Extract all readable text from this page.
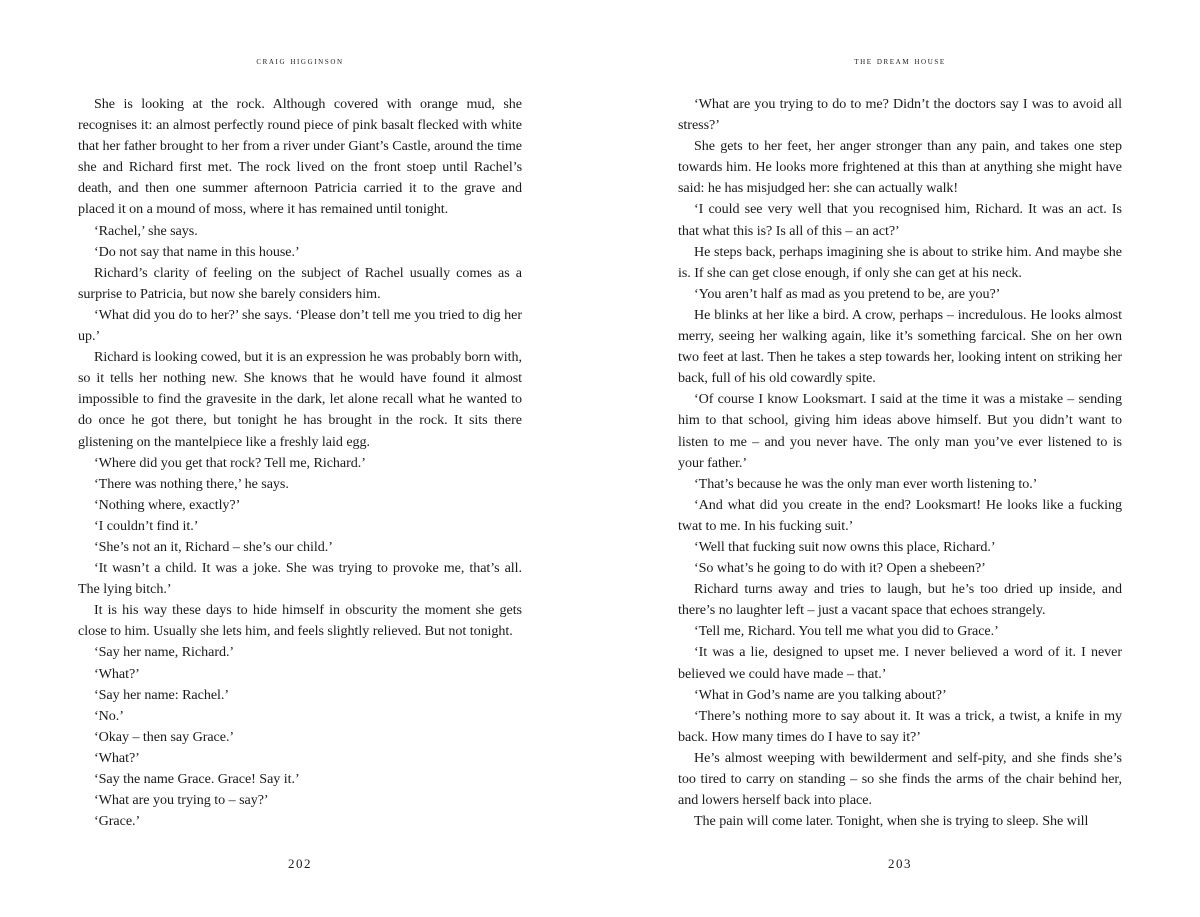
craig higginson

She is looking at the rock. Although covered with orange mud, she recognises it: an almost perfectly round piece of pink basalt flecked with white that her father brought to her from a river under Giant’s Castle, around the time she and Richard first met. The rock lived on the front stoep until Rachel’s death, and then one summer afternoon Patricia carried it to the grave and placed it on a mound of moss, where it has remained until tonight.

‘Rachel,’ she says.

‘Do not say that name in this house.’

Richard’s clarity of feeling on the subject of Rachel usually comes as a surprise to Patricia, but now she barely considers him.

‘What did you do to her?’ she says. ‘Please don’t tell me you tried to dig her up.’

Richard is looking cowed, but it is an expression he was probably born with, so it tells her nothing new. She knows that he would have found it almost impossible to find the gravesite in the dark, let alone recall what he wanted to do once he got there, but tonight he has brought in the rock. It sits there glistening on the mantelpiece like a freshly laid egg.

‘Where did you get that rock? Tell me, Richard.’

‘There was nothing there,’ he says.

‘Nothing where, exactly?’

‘I couldn’t find it.’

‘She’s not an it, Richard – she’s our child.’

‘It wasn’t a child. It was a joke. She was trying to provoke me, that’s all. The lying bitch.’

It is his way these days to hide himself in obscurity the moment she gets close to him. Usually she lets him, and feels slightly relieved. But not tonight.

‘Say her name, Richard.’

‘What?’

‘Say her name: Rachel.’

‘No.’

‘Okay – then say Grace.’

‘What?’

‘Say the name Grace. Grace! Say it.’

‘What are you trying to – say?’

‘Grace.’

202
the dream house

‘What are you trying to do to me? Didn’t the doctors say I was to avoid all stress?’

She gets to her feet, her anger stronger than any pain, and takes one step towards him. He looks more frightened at this than at anything she might have said: he has misjudged her: she can actually walk!

‘I could see very well that you recognised him, Richard. It was an act. Is that what this is? Is all of this – an act?’

He steps back, perhaps imagining she is about to strike him. And maybe she is. If she can get close enough, if only she can get at his neck.

‘You aren’t half as mad as you pretend to be, are you?’

He blinks at her like a bird. A crow, perhaps – incredulous. He looks almost merry, seeing her walking again, like it’s something farcical. She on her own two feet at last. Then he takes a step towards her, looking intent on striking her back, full of his old cowardly spite.

‘Of course I know Looksmart. I said at the time it was a mistake – sending him to that school, giving him ideas above himself. But you didn’t want to listen to me – and you never have. The only man you’ve ever listened to is your father.’

‘That’s because he was the only man ever worth listening to.’

‘And what did you create in the end? Looksmart! He looks like a fucking twat to me. In his fucking suit.’

‘Well that fucking suit now owns this place, Richard.’

‘So what’s he going to do with it? Open a shebeen?’

Richard turns away and tries to laugh, but he’s too dried up inside, and there’s no laughter left – just a vacant space that echoes strangely.

‘Tell me, Richard. You tell me what you did to Grace.’

‘It was a lie, designed to upset me. I never believed a word of it. I never believed we could have made – that.’

‘What in God’s name are you talking about?’

‘There’s nothing more to say about it. It was a trick, a twist, a knife in my back. How many times do I have to say it?’

He’s almost weeping with bewilderment and self-pity, and she finds she’s too tired to carry on standing – so she finds the arms of the chair behind her, and lowers herself back into place.

The pain will come later. Tonight, when she is trying to sleep. She will

203
